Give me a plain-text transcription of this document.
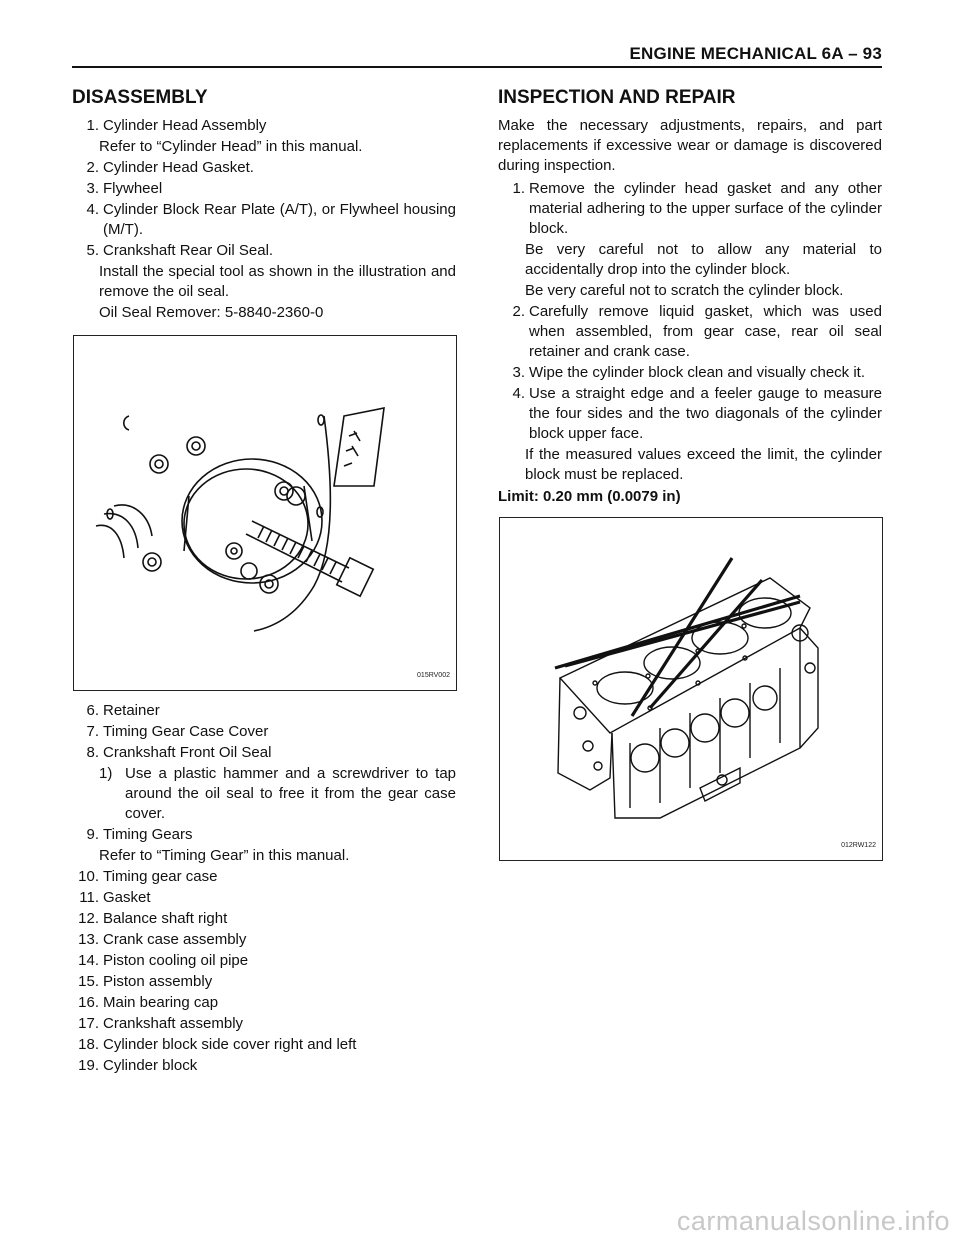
ENGINE MECHANICAL 6A – 93
DISASSEMBLY
1. Cylinder Head Assembly
Refer to “Cylinder Head” in this manual.
2. Cylinder Head Gasket.
3. Flywheel
4. Cylinder Block Rear Plate (A/T), or Flywheel housing (M/T).
5. Crankshaft Rear Oil Seal.
Install the special tool as shown in the illustration and remove the oil seal.
Oil Seal Remover: 5-8840-2360-0
015RV002
6. Retainer
7. Timing Gear Case Cover
8. Crankshaft Front Oil Seal
1) Use a plastic hammer and a screwdriver to tap around the oil seal to free it from the gear case cover.
9. Timing Gears
Refer to “Timing Gear” in this manual.
10. Timing gear case
11. Gasket
12. Balance shaft right
13. Crank case assembly
14. Piston cooling oil pipe
15. Piston assembly
16. Main bearing cap
17. Crankshaft assembly
18. Cylinder block side cover right and left
19. Cylinder block
INSPECTION AND REPAIR
Make the necessary adjustments, repairs, and part replacements if excessive wear or damage is discovered during inspection.
1. Remove the cylinder head gasket and any other material adhering to the upper surface of the cylinder block.
Be very careful not to allow any material to accidentally drop into the cylinder block.
Be very careful not to scratch the cylinder block.
2. Carefully remove liquid gasket, which was used when assembled, from gear case, rear oil seal retainer and crank case.
3. Wipe the cylinder block clean and visually check it.
4. Use a straight edge and a feeler gauge to measure the four sides and the two diagonals of the cylinder block upper face.
If the measured values exceed the limit, the cylinder block must be replaced.
Limit: 0.20 mm (0.0079 in)
012RW122
carmanualsonline.info
